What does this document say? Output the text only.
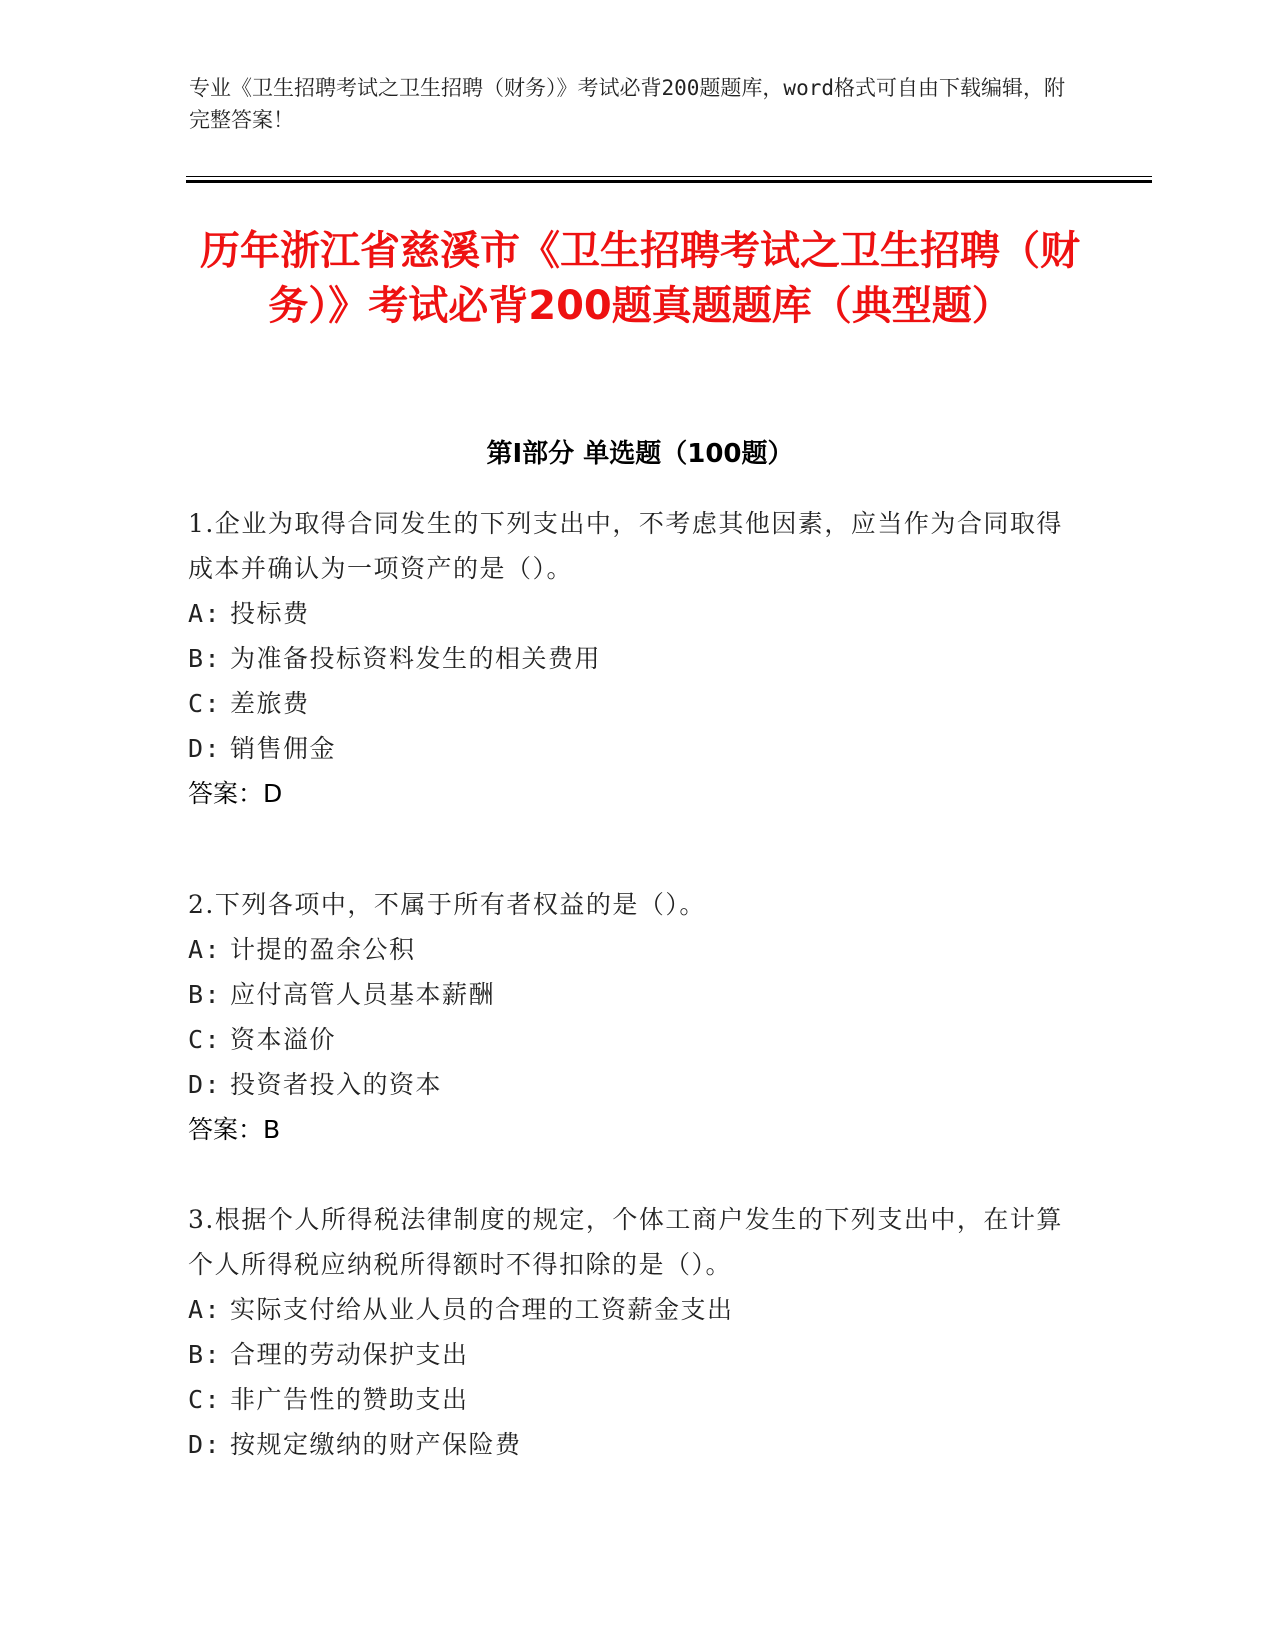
专业《卫生招聘考试之卫生招聘（财务）》考试必背200题题库，word格式可自由下载编辑，附完整答案！

历年浙江省慈溪市《卫生招聘考试之卫生招聘（财务）》考试必背200题真题题库（典型题）
第I部分 单选题（100题）

1.企业为取得合同发生的下列支出中，不考虑其他因素，应当作为合同取得成本并确认为一项资产的是（）。

A: 投标费

B: 为准备投标资料发生的相关费用

C: 差旅费

D: 销售佣金

答案：D

2.下列各项中，不属于所有者权益的是（）。

A: 计提的盈余公积

B: 应付高管人员基本薪酬

C: 资本溢价

D: 投资者投入的资本

答案：B

3.根据个人所得税法律制度的规定，个体工商户发生的下列支出中，在计算个人所得税应纳税所得额时不得扣除的是（）。

A: 实际支付给从业人员的合理的工资薪金支出

B: 合理的劳动保护支出

C: 非广告性的赞助支出

D: 按规定缴纳的财产保险费
